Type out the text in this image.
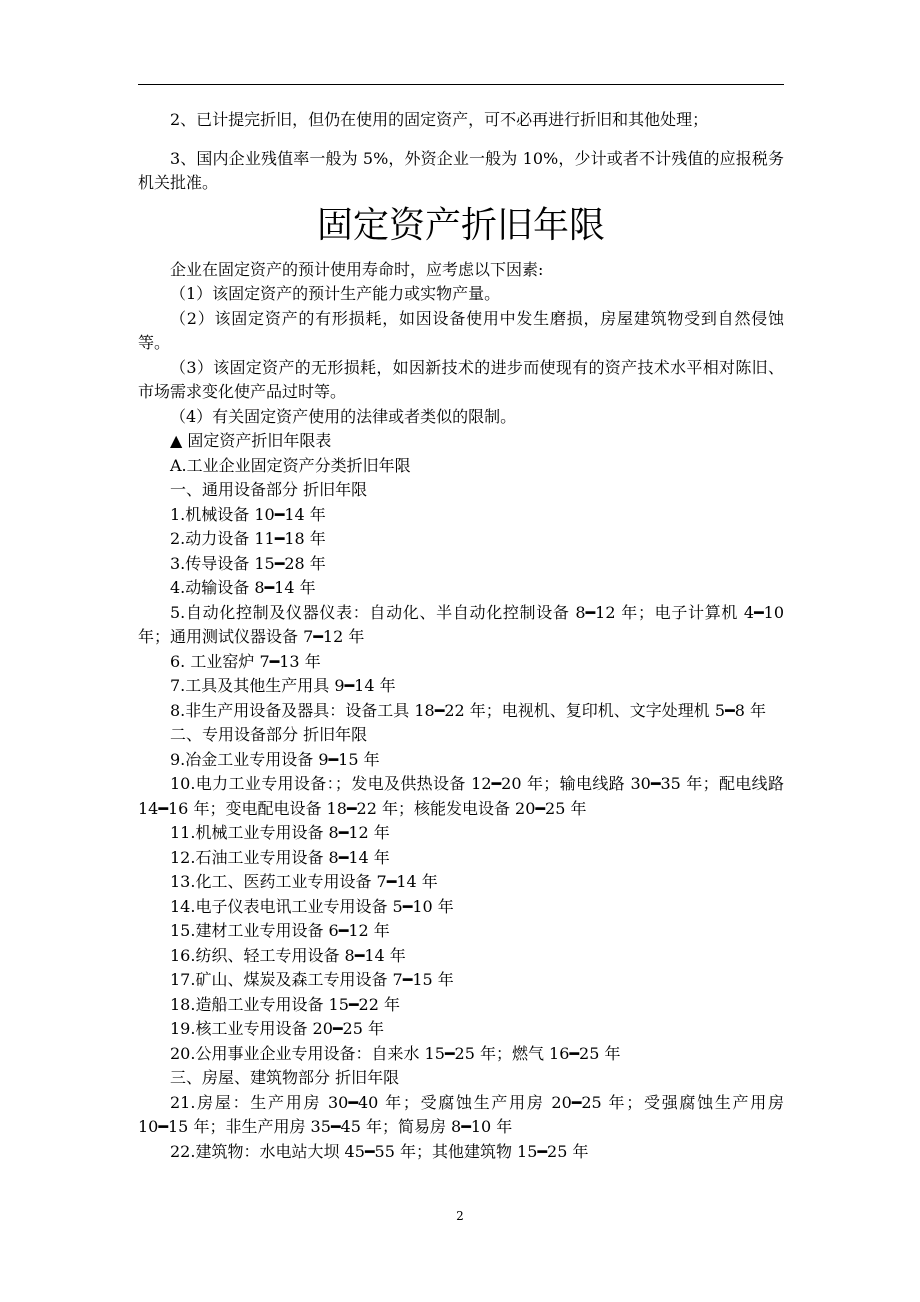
2、已计提完折旧，但仍在使用的固定资产，可不必再进行折旧和其他处理；

3、国内企业残值率一般为 5%，外资企业一般为 10%，少计或者不计残值的应报税务机关批准。

固定资产折旧年限

企业在固定资产的预计使用寿命时，应考虑以下因素:

（1）该固定资产的预计生产能力或实物产量。

（2）该固定资产的有形损耗，如因设备使用中发生磨损，房屋建筑物受到自然侵蚀等。

（3）该固定资产的无形损耗，如因新技术的进步而使现有的资产技术水平相对陈旧、市场需求变化使产品过时等。

（4）有关固定资产使用的法律或者类似的限制。

▲ 固定资产折旧年限表

A.工业企业固定资产分类折旧年限

一、通用设备部分 折旧年限

1.机械设备 10━14 年

2.动力设备 11━18 年

3.传导设备 15━28 年

4.动输设备 8━14 年

5.自动化控制及仪器仪表：自动化、半自动化控制设备 8━12 年；电子计算机 4━10 年；通用测试仪器设备 7━12 年

6. 工业窑炉 7━13 年

7.工具及其他生产用具 9━14 年

8.非生产用设备及器具：设备工具 18━22 年；电视机、复印机、文字处理机 5━8 年

二、专用设备部分 折旧年限

9.冶金工业专用设备 9━15 年

10.电力工业专用设备：；发电及供热设备 12━20 年；输电线路 30━35 年；配电线路 14━16 年；变电配电设备 18━22 年；核能发电设备 20━25 年

11.机械工业专用设备 8━12 年

12.石油工业专用设备 8━14 年

13.化工、医药工业专用设备 7━14 年

14.电子仪表电讯工业专用设备 5━10 年

15.建材工业专用设备 6━12 年

16.纺织、轻工专用设备 8━14 年

17.矿山、煤炭及森工专用设备 7━15 年

18.造船工业专用设备 15━22 年

19.核工业专用设备 20━25 年

20.公用事业企业专用设备：自来水 15━25 年；燃气 16━25 年

三、房屋、建筑物部分 折旧年限

21.房屋：生产用房 30━40 年；受腐蚀生产用房 20━25 年；受强腐蚀生产用房 10━15 年；非生产用房 35━45 年；简易房 8━10 年

22.建筑物：水电站大坝 45━55 年；其他建筑物 15━25 年

2
